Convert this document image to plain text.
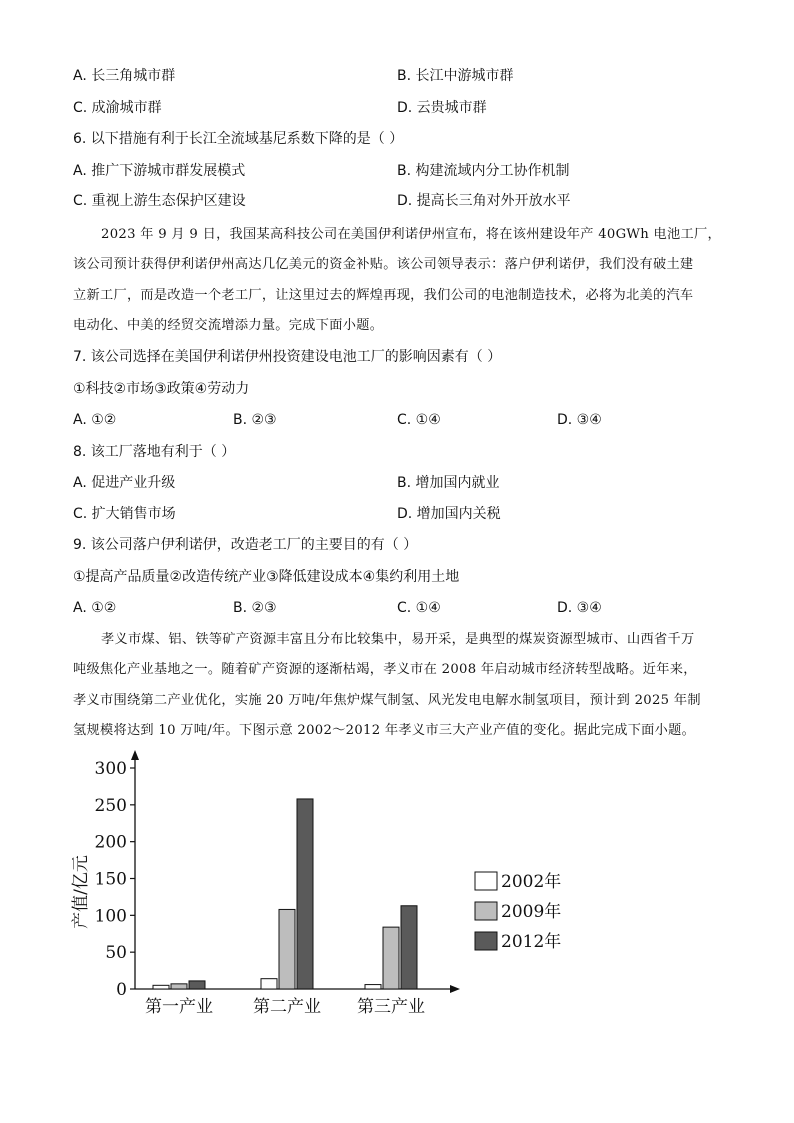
A. 长三角城市群	B. 长江中游城市群
C. 成渝城市群	D. 云贵城市群
6. 以下措施有利于长江全流域基尼系数下降的是（ ）
A. 推广下游城市群发展模式	B. 构建流域内分工协作机制
C. 重视上游生态保护区建设	D. 提高长三角对外开放水平
2023 年 9 月 9 日，我国某高科技公司在美国伊利诺伊州宣布，将在该州建设年产 40GWh 电池工厂，
该公司预计获得伊利诺伊州高达几亿美元的资金补贴。该公司领导表示：落户伊利诺伊，我们没有破土建
立新工厂，而是改造一个老工厂，让这里过去的辉煌再现，我们公司的电池制造技术，必将为北美的汽车
电动化、中美的经贸交流增添力量。完成下面小题。
7. 该公司选择在美国伊利诺伊州投资建设电池工厂的影响因素有（ ）
①科技②市场③政策④劳动力
A. ①②	B. ②③	C. ①④	D. ③④
8. 该工厂落地有利于（ ）
A. 促进产业升级	B. 增加国内就业
C. 扩大销售市场	D. 增加国内关税
9. 该公司落户伊利诺伊，改造老工厂的主要目的有（ ）
①提高产品质量②改造传统产业③降低建设成本④集约利用土地
A. ①②	B. ②③	C. ①④	D. ③④
孝义市煤、铝、铁等矿产资源丰富且分布比较集中，易开采，是典型的煤炭资源型城市、山西省千万
吨级焦化产业基地之一。随着矿产资源的逐渐枯竭，孝义市在 2008 年启动城市经济转型战略。近年来，
孝义市围绕第二产业优化，实施 20 万吨/年焦炉煤气制氢、风光发电电解水制氢项目，预计到 2025 年制
氢规模将达到 10 万吨/年。下图示意 2002～2012 年孝义市三大产业产值的变化。据此完成下面小题。
0
50
100
150
200
250
300
第一产业 第二产业 第三产业
2002年
2009年
2012年
产值/亿元
